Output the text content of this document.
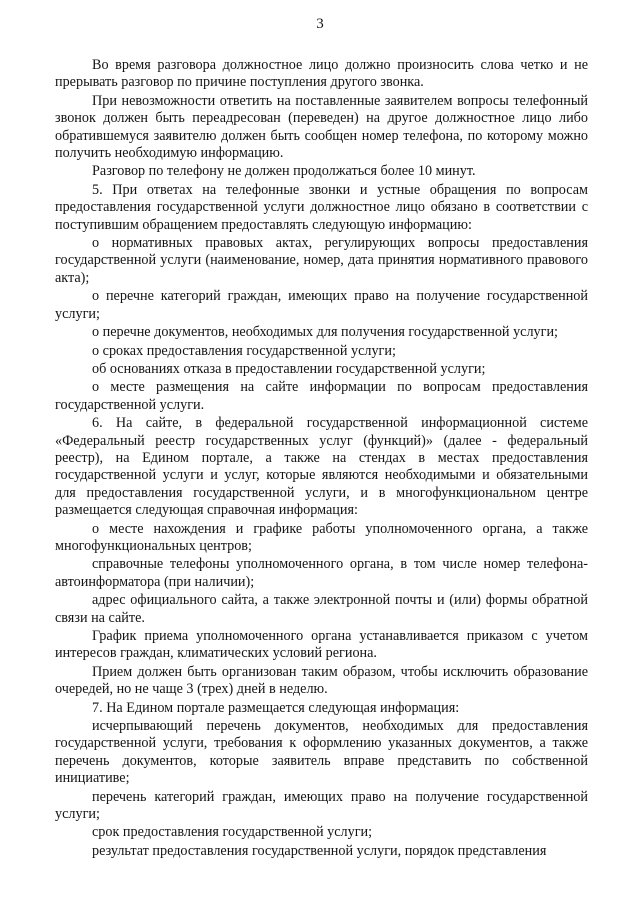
3

Во время разговора должностное лицо должно произносить слова четко и не прерывать разговор по причине поступления другого звонка.

При невозможности ответить на поставленные заявителем вопросы телефонный звонок должен быть переадресован (переведен) на другое должностное лицо либо обратившемуся заявителю должен быть сообщен номер телефона, по которому можно получить необходимую информацию.

Разговор по телефону не должен продолжаться более 10 минут.

5. При ответах на телефонные звонки и устные обращения по вопросам предоставления государственной услуги должностное лицо обязано в соответствии с поступившим обращением предоставлять следующую информацию:

о нормативных правовых актах, регулирующих вопросы предоставления государственной услуги (наименование, номер, дата принятия нормативного правового акта);

о перечне категорий граждан, имеющих право на получение государственной услуги;

о перечне документов, необходимых для получения государственной услуги;

о сроках предоставления государственной услуги;

об основаниях отказа в предоставлении государственной услуги;

о месте размещения на сайте информации по вопросам предоставления государственной услуги.

6. На сайте, в федеральной государственной информационной системе «Федеральный реестр государственных услуг (функций)» (далее - федеральный реестр), на Едином портале, а также на стендах в местах предоставления государственной услуги и услуг, которые являются необходимыми и обязательными для предоставления государственной услуги, и в многофункциональном центре размещается следующая справочная информация:

о месте нахождения и графике работы уполномоченного органа, а также многофункциональных центров;

справочные телефоны уполномоченного органа, в том числе номер телефона-автоинформатора (при наличии);

адрес официального сайта, а также электронной почты и (или) формы обратной связи на сайте.

График приема уполномоченного органа устанавливается приказом с учетом интересов граждан, климатических условий региона.

Прием должен быть организован таким образом, чтобы исключить образование очередей, но не чаще 3 (трех) дней в неделю.

7. На Едином портале размещается следующая информация:

исчерпывающий перечень документов, необходимых для предоставления государственной услуги, требования к оформлению указанных документов, а также перечень документов, которые заявитель вправе представить по собственной инициативе;

перечень категорий граждан, имеющих право на получение государственной услуги;

срок предоставления государственной услуги;

результат предоставления государственной услуги, порядок представления
